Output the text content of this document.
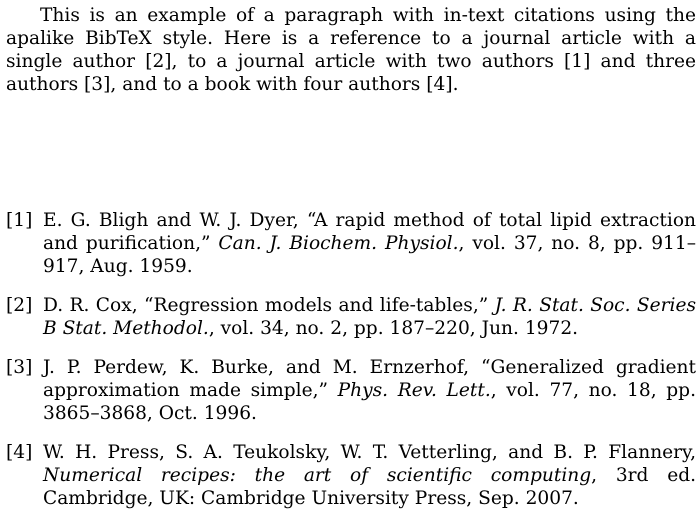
This is an example of a paragraph with in-text citations using the apalike BibTeX style. Here is a reference to a journal article with a single author [2], to a journal article with two authors [1] and three authors [3], and to a book with four authors [4].

[1] E. G. Bligh and W. J. Dyer, “A rapid method of total lipid extraction and purification,” Can. J. Biochem. Physiol., vol. 37, no. 8, pp. 911–917, Aug. 1959.
[2] D. R. Cox, “Regression models and life-tables,” J. R. Stat. Soc. Series B Stat. Methodol., vol. 34, no. 2, pp. 187–220, Jun. 1972.
[3] J. P. Perdew, K. Burke, and M. Ernzerhof, “Generalized gradient approximation made simple,” Phys. Rev. Lett., vol. 77, no. 18, pp. 3865–3868, Oct. 1996.
[4] W. H. Press, S. A. Teukolsky, W. T. Vetterling, and B. P. Flannery, Numerical recipes: the art of scientific computing, 3rd ed. Cambridge, UK: Cambridge University Press, Sep. 2007.
